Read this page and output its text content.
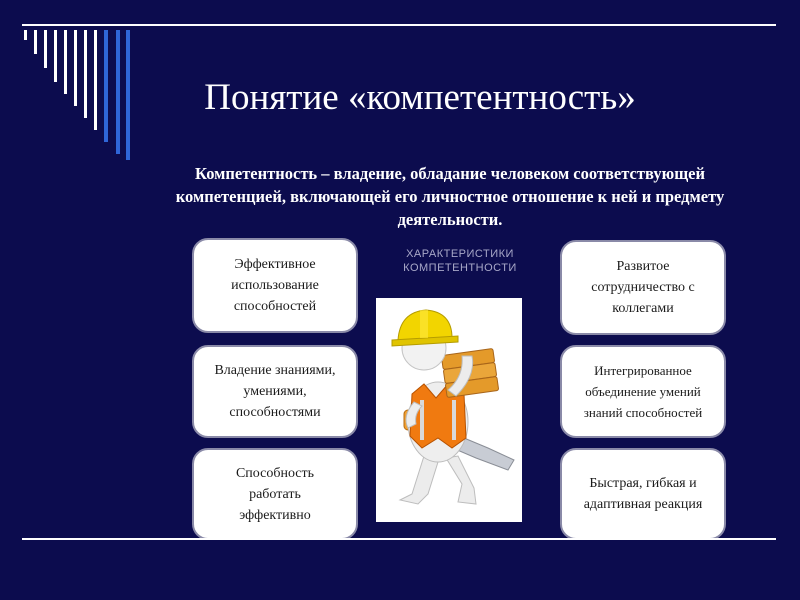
Понятие «компетентность»
Компетентность – владение, обладание человеком соответствующей компетенцией, включающей его личностное отношение к ней и предмету деятельности.
Эффективное
использование
способностей
Владение знаниями,
умениями,
способностями
Способность
работать
эффективно
Развитое
сотрудничество с
коллегами
Интегрированное
объединение умений
знаний способностей
Быстрая, гибкая и
адаптивная реакция
ХАРАКТЕРИСТИКИ
КОМПЕТЕНТНОСТИ
